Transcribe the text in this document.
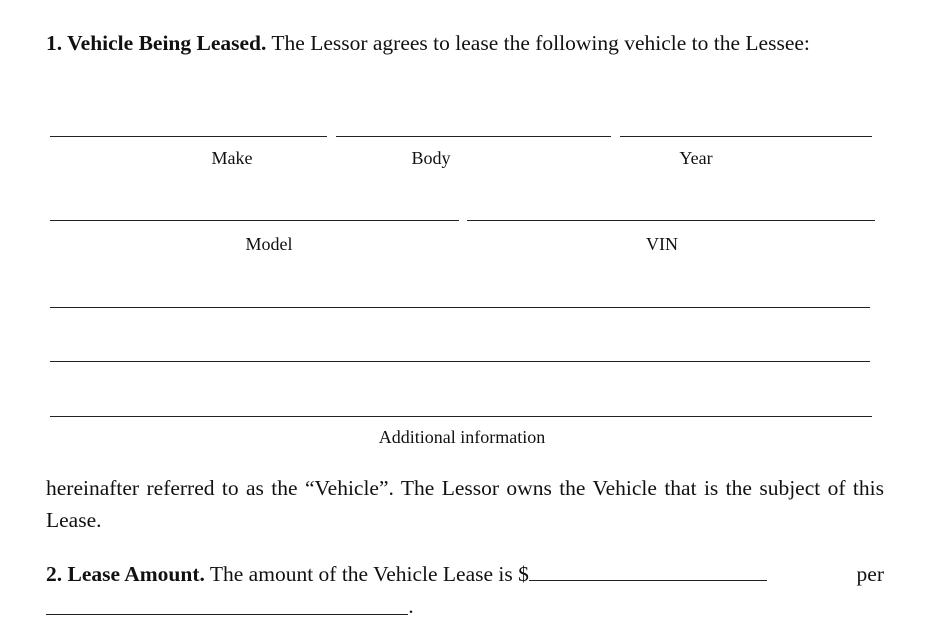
1. Vehicle Being Leased. The Lessor agrees to lease the following vehicle to the Lessee:
Make	Body	Year
Model	VIN
Additional information
hereinafter referred to as the “Vehicle”. The Lessor owns the Vehicle that is the subject of this Lease.
2. Lease Amount. The amount of the Vehicle Lease is $	per
.
